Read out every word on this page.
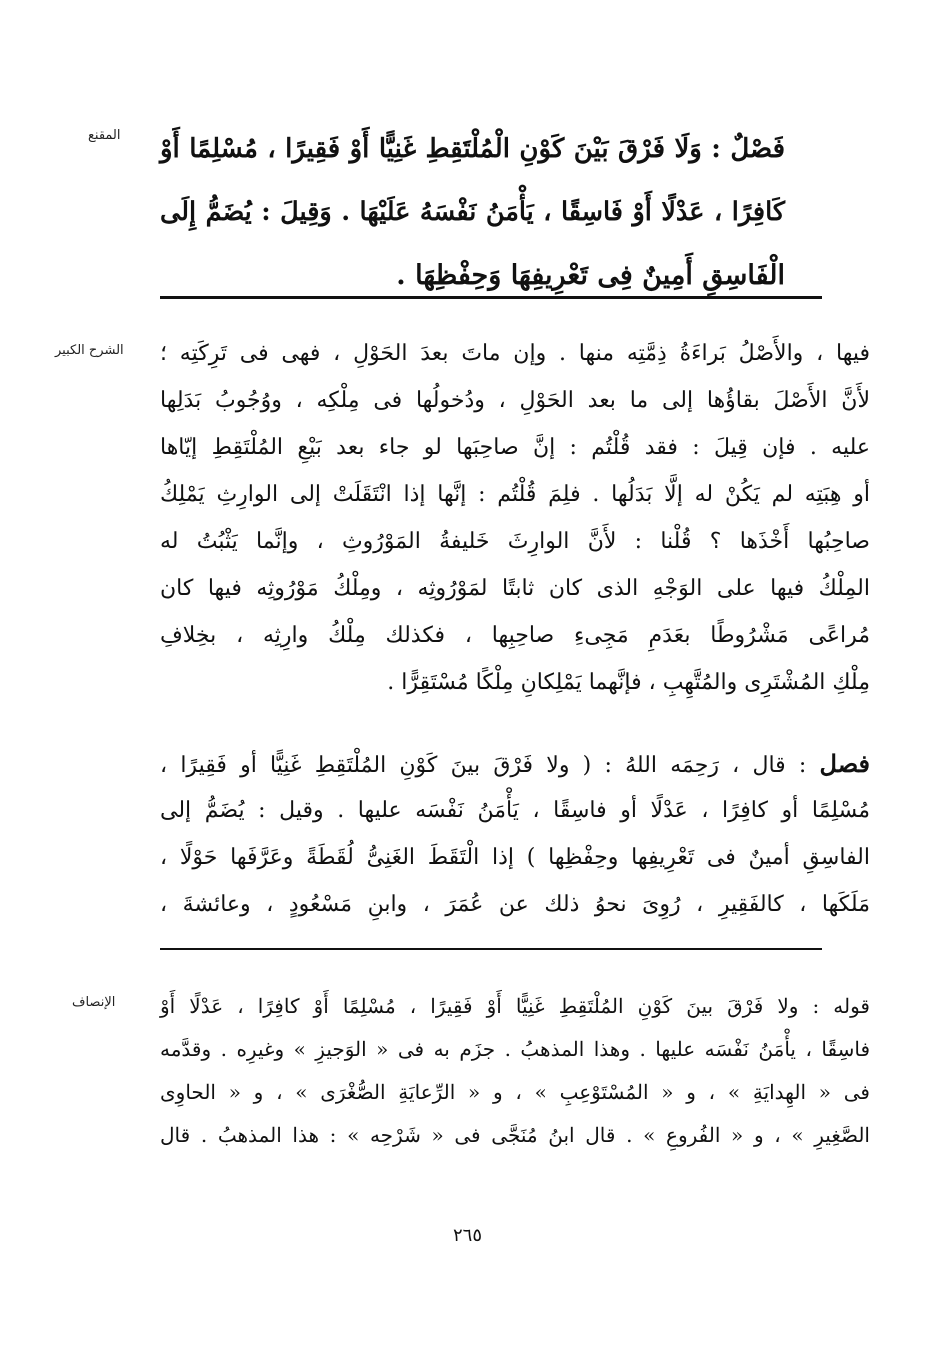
المقنع	فَصْلٌ : وَلَا فَرْقَ بَيْنَ كَوْنِ الْمُلْتَقِطِ غَنِيًّا أَوْ فَقِيرًا ، مُسْلِمًا أَوْ
كَافِرًا ، عَدْلًا أَوْ فَاسِقًا ، يَأْمَنُ نَفْسَهُ عَلَيْهَا . وَقِيلَ : يُضَمُّ إِلَى
الْفَاسِقِ أَمِينٌ فِى تَعْرِيفِهَا وَحِفْظِهَا .
الشرح الكبير فيها ، والأَصْلُ بَراءَةُ ذِمَّتِه منها . وإن ماتَ بعدَ الحَوْلِ ، فهى فى تَرِكَتِه ؛
لأَنَّ الأَصْلَ بقاؤُها إلى ما بعد الحَوْلِ ، ودُخولُها فى مِلْكِه ، ووُجُوبُ بَدَلِها
عليه . فإن قِيلَ : فقد قُلْتُم : إنَّ صاحِبَها لو جاء بعد بَيْعِ المُلْتَقِطِ إيّاها
أو هِبَتِه لم يَكُنْ له إلَّا بَدَلُها . فلِمَ قُلْتُم : إنَّها إذا انْتَقَلَتْ إلى الوارِثِ يَمْلِكُ
صاحِبُها أَخْذَها ؟ قُلْنا : لأَنَّ الوارِثَ خَليفةُ المَوْرُوثِ ، وإنَّما يَثْبُتُ له
المِلْكُ فيها على الوَجْهِ الذى كان ثابتًا لمَوْرُوثِه ، ومِلْكُ مَوْرُوثِه فيها كان
مُراعًى مَشْرُوطًا بعَدَمِ مَجِىءِ صاحِبِها ، فكذلك مِلْكُ وارِثِه ، بخِلافِ
مِلْكِ المُشْتَرِى والمُتَّهِبِ ، فإنَّهما يَمْلِكانِ مِلْكًا مُسْتَقِرًّا .
فصل : قال ، رَحِمَه اللهُ : ( ولا فَرْقَ بينَ كَوْنِ المُلْتَقِطِ غَنِيًّا أو فَقِيرًا ،
مُسْلِمًا أو كافِرًا ، عَدْلًا أو فاسِقًا ، يَأْمَنُ نَفْسَه عليها . وقيل : يُضَمُّ إلى
الفاسِقِ أمينٌ فى تَعْرِيفِها وحِفْظِها ) إذا الْتَقَطَ الغَنِىُّ لُقَطَةً وعَرَّفَها حَوْلًا ،
مَلَكَها ، كالفَقِيرِ ، رُوِىَ نحوُ ذلك عن عُمَرَ ، وابنِ مَسْعُودٍ ، وعائشةَ ،
الإنصاف قوله : ولا فَرْقَ بينَ كَوْنِ المُلْتَقِطِ غَنِيًّا أَوْ فَقِيرًا ، مُسْلِمًا أَوْ كافِرًا ، عَدْلًا أَوْ
فاسِقًا ، يأْمَنُ نَفْسَه عليها . وهذا المذهبُ . جزَم به فى « الوَجيزِ » وغيرِه . وقدَّمه
فى « الهِدايَةِ » ، و « المُسْتَوْعِبِ » ، و « الرِّعايَةِ الصُّغْرَى » ، و « الحاوِى
الصَّغِيرِ » ، و « الفُروعِ » . قال ابنُ مُنَجَّى فى « شَرْحِه » : هذا المذهبُ . قال
٢٦٥
